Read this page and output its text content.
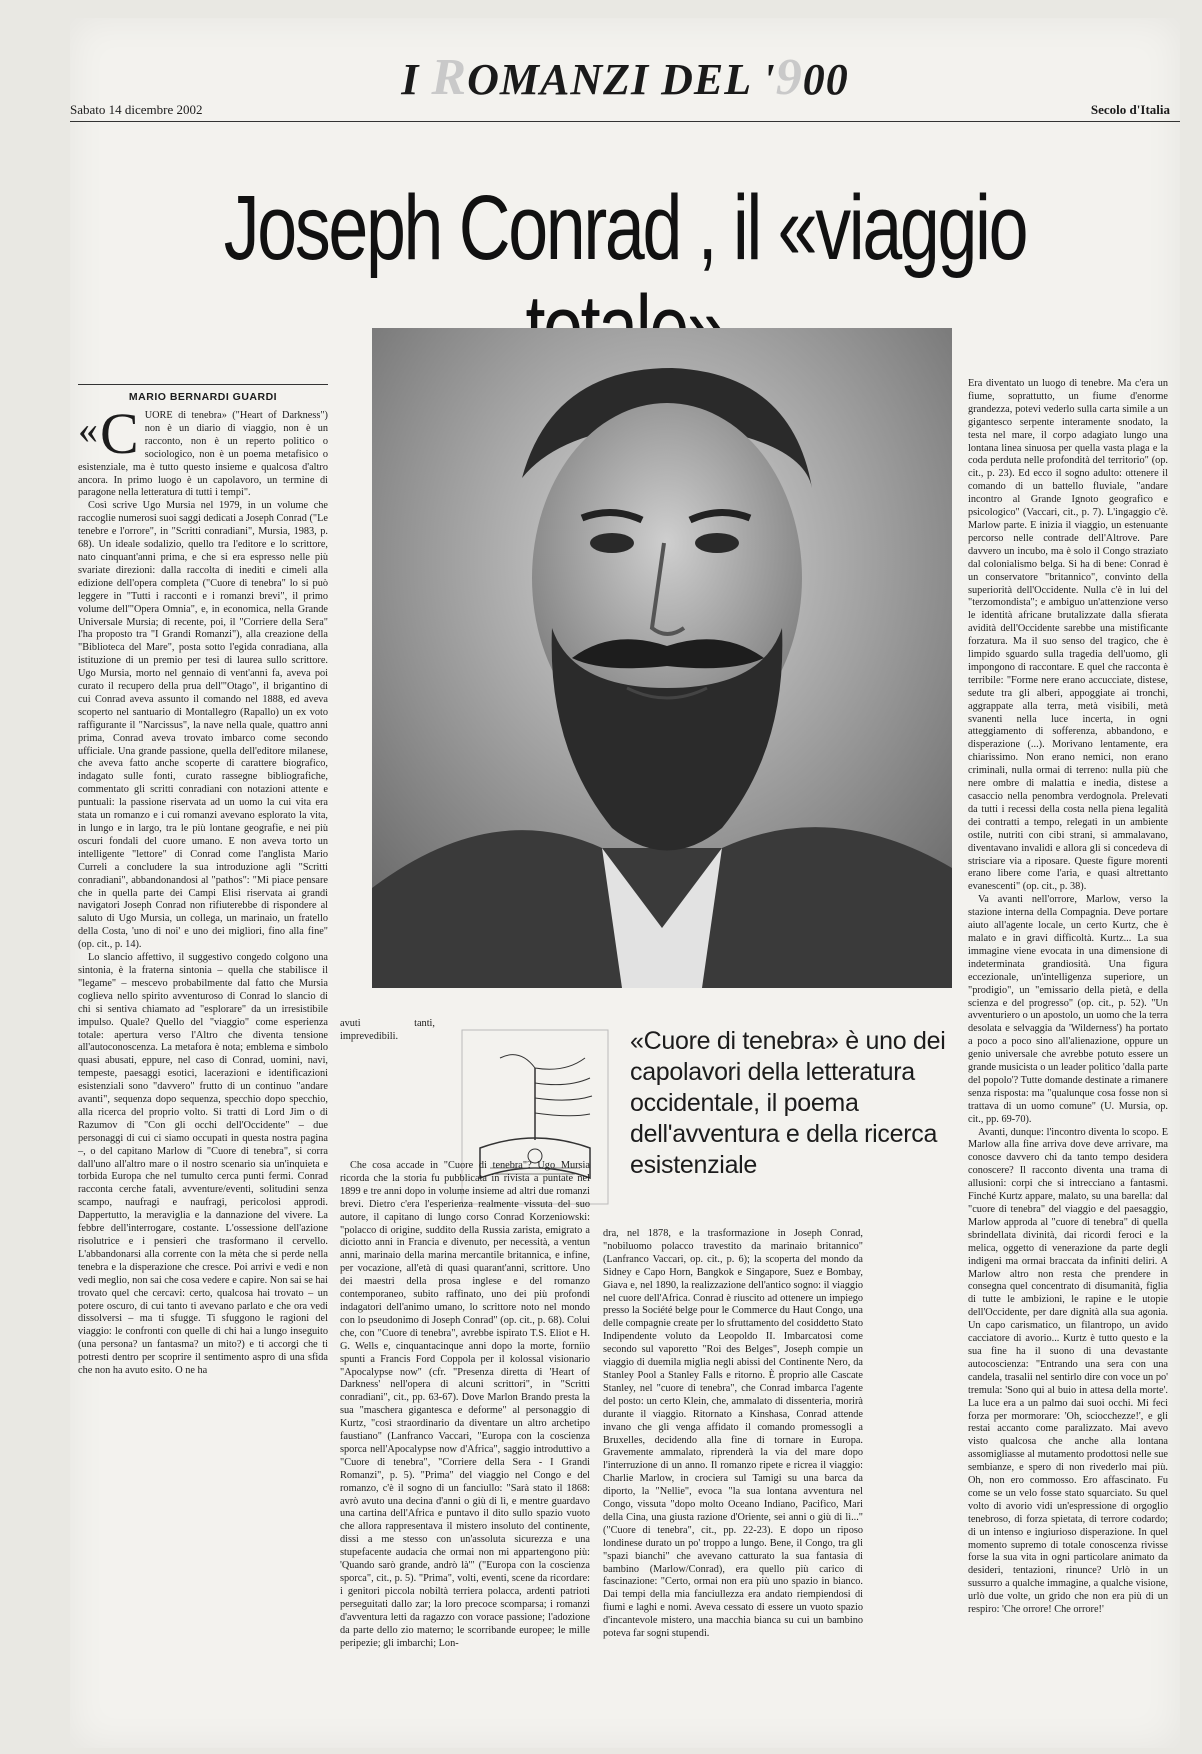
I ROMANZI DEL '900
Sabato 14 dicembre 2002	Secolo d'Italia
Joseph Conrad , il «viaggio
MARIO BERNARDI GUARDI
« C UORE di tenebra» ("Heart of Darkness") non è un diario di viaggio, non è un racconto, non è un reperto politico o sociologico, non è un poema metafisico o esistenziale, ma è tutto questo insieme e qualcosa d'altro ancora. In primo luogo è un capolavoro, un termine di paragone nella letteratura di tutti i tempi".

Così scrive Ugo Mursia nel 1979, in un volume che raccoglie numerosi suoi saggi dedicati a Joseph Conrad ("Le tenebre e l'orrore", in "Scritti conradiani", Mursia, 1983, p. 68). Un ideale sodalizio, quello tra l'editore e lo scrittore, nato cinquant'anni prima, e che si era espresso nelle più svariate direzioni: dalla raccolta di inediti e cimeli alla edizione dell'opera completa ("Cuore di tenebra" lo si può leggere in "Tutti i racconti e i romanzi brevi", il primo volume dell'"Opera Omnia", e, in economica, nella Grande Universale Mursia; di recente, poi, il "Corriere della Sera" l'ha proposto tra "I Grandi Romanzi"), alla creazione della "Biblioteca del Mare", posta sotto l'egida conradiana, alla istituzione di un premio per tesi di laurea sullo scrittore. Ugo Mursia, morto nel gennaio di vent'anni fa, aveva poi curato il recupero della prua dell'"Otago", il brigantino di cui Conrad aveva assunto il comando nel 1888, ed aveva scoperto nel santuario di Montallegro (Rapallo) un ex voto raffigurante il "Narcissus", la nave nella quale, quattro anni prima, Conrad aveva trovato imbarco come secondo ufficiale. Una grande passione, quella dell'editore milanese, che aveva fatto anche scoperte di carattere biografico, indagato sulle fonti, curato rassegne bibliografiche, commentato gli scritti conradiani con notazioni attente e puntuali: la passione riservata ad un uomo la cui vita era stata un romanzo e i cui romanzi avevano esplorato la vita, in lungo e in largo, tra le più lontane geografie, e nei più oscuri fondali del cuore umano. E non aveva torto un intelligente "lettore" di Conrad come l'anglista Mario Curreli a concludere la sua introduzione agli "Scritti conradiani", abbandonandosi al "pathos": "Mi piace pensare che in quella parte dei Campi Elisi riservata ai grandi navigatori Joseph Conrad non rifiuterebbe di rispondere al saluto di Ugo Mursia, un collega, un marinaio, un fratello della Costa, 'uno di noi' e uno dei migliori, fino alla fine" (op. cit., p. 14).

Lo slancio affettivo, il suggestivo congedo colgono una sintonia, è la fraterna sintonia – quella che stabilisce il "legame" – mescevo probabilmente dal fatto che Mursia coglieva nello spirito avventuroso di Conrad lo slancio di chi si sentiva chiamato ad "esplorare" da un irresistibile impulso. Quale? Quello del "viaggio" come esperienza totale: apertura verso l'Altro che diventa tensione all'autoconoscenza. La metafora è nota; emblema e simbolo quasi abusati, eppure, nel caso di Conrad, uomini, navi, tempeste, paesaggi esotici, lacerazioni e identificazioni esistenziali sono "davvero" frutto di un continuo "andare avanti", sequenza dopo sequenza, specchio dopo specchio, alla ricerca del proprio volto. Si tratti di Lord Jim o di Razumov di "Con gli occhi dell'Occidente" – due personaggi di cui ci siamo occupati in questa nostra pagina –, o del capitano Marlow di "Cuore di tenebra", si corra dall'uno all'altro mare o il nostro scenario sia un'inquieta e torbida Europa che nel tumulto cerca punti fermi. Conrad racconta cerche fatali, avventure/eventi, solitudini senza scampo, naufragi e naufragi, pericolosi approdi. Dappertutto, la meraviglia e la dannazione del vivere. La febbre dell'interrogare, costante. L'ossessione dell'azione risolutrice e i pensieri che trasformano il cervello. L'abbandonarsi alla corrente con la mèta che si perde nella tenebra e la disperazione che cresce. Poi arrivi e vedi e non vedi meglio, non sai che cosa vedere e capire. Non sai se hai trovato quel che cercavi: certo, qualcosa hai trovato – un potere oscuro, di cui tanto ti avevano parlato e che ora vedi dissolversi – ma ti sfugge. Ti sfuggono le ragioni del viaggio: le confronti con quelle di chi hai a lungo inseguito (una persona? un fantasma? un mito?) e ti accorgi che ti potresti dentro per scoprire il sentimento aspro di una sfida che non ha avuto esito. O ne ha

«Cuore di tenebra» è uno dei capolavori della letteratura occidentale, il poema dell'avventura e della ricerca esistenziale

avuti tanti, imprevedibili.

Che cosa accade in "Cuore di tenebra"? Ugo Mursia ricorda che la storia fu pubblicata in rivista a puntate nel 1899 e tre anni dopo in volume insieme ad altri due romanzi brevi. Dietro c'era l'esperienza realmente vissuta del suo autore, il capitano di lungo corso Conrad Korzeniowski: "polacco di origine, suddito della Russia zarista, emigrato a diciotto anni in Francia e divenuto, per necessità, a ventun anni, marinaio della marina mercantile britannica, e infine, per vocazione, all'età di quasi quarant'anni, scrittore. Uno dei maestri della prosa inglese e del romanzo contemporaneo, subito raffinato, uno dei più profondi indagatori dell'animo umano, lo scrittore noto nel mondo con lo pseudonimo di Joseph Conrad" (op. cit., p. 68). Colui che, con "Cuore di tenebra", avrebbe ispirato T.S. Eliot e H. G. Wells e, cinquantacinque anni dopo la morte, forniìo spunti a Francis Ford Coppola per il kolossal visionario "Apocalypse now" (cfr. "Presenza diretta di 'Heart of Darkness' nell'opera di alcuni scrittori", in "Scritti conradiani", cit., pp. 63-67). Dove Marlon Brando presta la sua "maschera gigantesca e deforme" al personaggio di Kurtz, "così straordinario da diventare un altro archetipo faustiano" (Lanfranco Vaccari, "Europa con la coscienza sporca nell'Apocalypse now d'Africa", saggio introduttivo a "Cuore di tenebra", "Corriere della Sera - I Grandi Romanzi", p. 5). "Prima" del viaggio nel Congo e del romanzo, c'è il sogno di un fanciullo: "Sarà stato il 1868: avrò avuto una decina d'anni o giù di lì, e mentre guardavo una cartina dell'Africa e puntavo il dito sullo spazio vuoto che allora rappresentava il mistero insoluto del continente, dissi a me stesso con un'assoluta sicurezza e una stupefacente audacia che ormai non mi appartengono più: 'Quando sarò grande, andrò là'" ("Europa con la coscienza sporca", cit., p. 5). "Prima", volti, eventi, scene da ricordare: i genitori piccola nobiltà terriera polacca, ardenti patrioti perseguitati dallo zar; la loro precoce scomparsa; i romanzi d'avventura letti da ragazzo con vorace passione; l'adozione da parte dello zio materno; le scorribande europee; le mille peripezie; gli imbarchi; Lon-

dra, nel 1878, e la trasformazione in Joseph Conrad, "nobiluomo polacco travestito da marinaio britannico" (Lanfranco Vaccari, op. cit., p. 6); la scoperta del mondo da Sidney e Capo Horn, Bangkok e Singapore, Suez e Bombay, Giava e, nel 1890, la realizzazione dell'antico sogno: il viaggio nel cuore dell'Africa. Conrad è riuscito ad ottenere un impiego presso la Société belge pour le Commerce du Haut Congo, una delle compagnie create per lo sfruttamento del cosiddetto Stato Indipendente voluto da Leopoldo II. Imbarcatosi come secondo sul vaporetto "Roi des Belges", Joseph compie un viaggio di duemila miglia negli abissi del Continente Nero, da Stanley Pool a Stanley Falls e ritorno. È proprio alle Cascate Stanley, nel "cuore di tenebra", che Conrad imbarca l'agente del posto: un certo Klein, che, ammalato di dissenteria, morirà durante il viaggio. Ritornato a Kinshasa, Conrad attende invano che gli venga affidato il comando promessogli a Bruxelles, decidendo alla fine di tornare in Europa. Gravemente ammalato, riprenderà la via del mare dopo l'interruzione di un anno. Il romanzo ripete e ricrea il viaggio: Charlie Marlow, in crociera sul Tamigi su una barca da diporto, la "Nellie", evoca "la sua lontana avventura nel Congo, vissuta "dopo molto Oceano Indiano, Pacifico, Mari della Cina, una giusta razione d'Oriente, sei anni o giù di lì..." ("Cuore di tenebra", cit., pp. 22-23). E dopo un riposo londinese durato un po' troppo a lungo. Bene, il Congo, tra gli "spazi bianchi" che avevano catturato la sua fantasia di bambino (Marlow/Conrad), era quello più carico di fascinazione: "Certo, ormai non era più uno spazio in bianco. Dai tempi della mia fanciullezza era andato riempiendosi di fiumi e laghi e nomi. Aveva cessato di essere un vuoto spazio d'incantevole mistero, una macchia bianca su cui un bambino poteva far sogni stupendi.

Era diventato un luogo di tenebre. Ma c'era un fiume, soprattutto, un fiume d'enorme grandezza, potevi vederlo sulla carta simile a un gigantesco serpente interamente snodato, la testa nel mare, il corpo adagiato lungo una lontana linea sinuosa per quella vasta plaga e la coda perduta nelle profondità del territorio" (op. cit., p. 23). Ed ecco il sogno adulto: ottenere il comando di un battello fluviale, "andare incontro al Grande Ignoto geografico e psicologico" (Vaccari, cit., p. 7). L'ingaggio c'è. Marlow parte. E inizia il viaggio, un estenuante percorso nelle contrade dell'Altrove. Pare davvero un incubo, ma è solo il Congo straziato dal colonialismo belga. Si ha di bene: Conrad è un conservatore "britannico", convinto della superiorità dell'Occidente. Nulla c'è in lui del "terzomondista"; e ambiguo un'attenzione verso le identità africane brutalizzate dalla sfierata avidità dell'Occidente sarebbe una mistificante forzatura. Ma il suo senso del tragico, che è limpido sguardo sulla tragedia dell'uomo, gli impongono di raccontare. E quel che racconta è terribile: "Forme nere erano accucciate, distese, sedute tra gli alberi, appoggiate ai tronchi, aggrappate alla terra, metà visibili, metà svanenti nella luce incerta, in ogni atteggiamento di sofferenza, abbandono, e disperazione (...). Morivano lentamente, era chiarissimo. Non erano nemici, non erano criminali, nulla ormai di terreno: nulla più che nere ombre di malattia e inedia, distese a casaccio nella penombra verdognola. Prelevati da tutti i recessi della costa nella piena legalità dei contratti a tempo, relegati in un ambiente ostile, nutriti con cibi strani, si ammalavano, diventavano invalidi e allora gli si concedeva di strisciare via a riposare. Queste figure morenti erano libere come l'aria, e quasi altrettanto evanescenti" (op. cit., p. 38).

Va avanti nell'orrore, Marlow, verso la stazione interna della Compagnia. Deve portare aiuto all'agente locale, un certo Kurtz, che è malato e in gravi difficoltà. Kurtz... La sua immagine viene evocata in una dimensione di indeterminata grandiosità. Una figura eccezionale, un'intelligenza superiore, un "prodigio", un "emissario della pietà, e della scienza e del progresso" (op. cit., p. 52). "Un avventuriero o un apostolo, un uomo che la terra desolata e selvaggia da 'Wilderness') ha portato a poco a poco sino all'alienazione, oppure un genio universale che avrebbe potuto essere un grande musicista o un leader politico 'dalla parte del popolo'? Tutte domande destinate a rimanere senza risposta: ma "qualunque cosa fosse non si trattava di un uomo comune" (U. Mursia, op. cit., pp. 69-70).

Avanti, dunque: l'incontro diventa lo scopo. E Marlow alla fine arriva dove deve arrivare, ma conosce davvero chi da tanto tempo desidera conoscere? Il racconto diventa una trama di allusioni: corpi che si intrecciano a fantasmi. Finché Kurtz appare, malato, su una barella: dal "cuore di tenebra" del viaggio e del paesaggio, Marlow approda al "cuore di tenebra" di quella sbrindellata divinità, dai ricordi feroci e la melica, oggetto di venerazione da parte degli indigeni ma ormai braccata da infiniti deliri. A Marlow altro non resta che prendere in consegna quel concentrato di disumanità, figlia di tutte le ambizioni, le rapine e le utopie dell'Occidente, per dare dignità alla sua agonia. Un capo carismatico, un filantropo, un avido cacciatore di avorio... Kurtz è tutto questo e la sua fine ha il suono di una devastante autocoscienza: "Entrando una sera con una candela, trasalii nel sentirlo dire con voce un po' tremula: 'Sono qui al buio in attesa della morte'. La luce era a un palmo dai suoi occhi. Mi feci forza per mormorare: 'Oh, sciocchezze!', e gli restai accanto come paralizzato. Mai avevo visto qualcosa che anche alla lontana assomigliasse al mutamento prodottosi nelle sue sembianze, e spero di non rivederlo mai più. Oh, non ero commosso. Ero affascinato. Fu come se un velo fosse stato squarciato. Su quel volto di avorio vidi un'espressione di orgoglio tenebroso, di forza spietata, di terrore codardo; di un intenso e ingiurioso disperazione. In quel momento supremo di totale conoscenza rivisse forse la sua vita in ogni particolare animato da desideri, tentazioni, rinunce? Urlò in un sussurro a qualche immagine, a qualche visione, urlò due volte, un grido che non era più di un respiro: 'Che orrore! Che orrore!'
